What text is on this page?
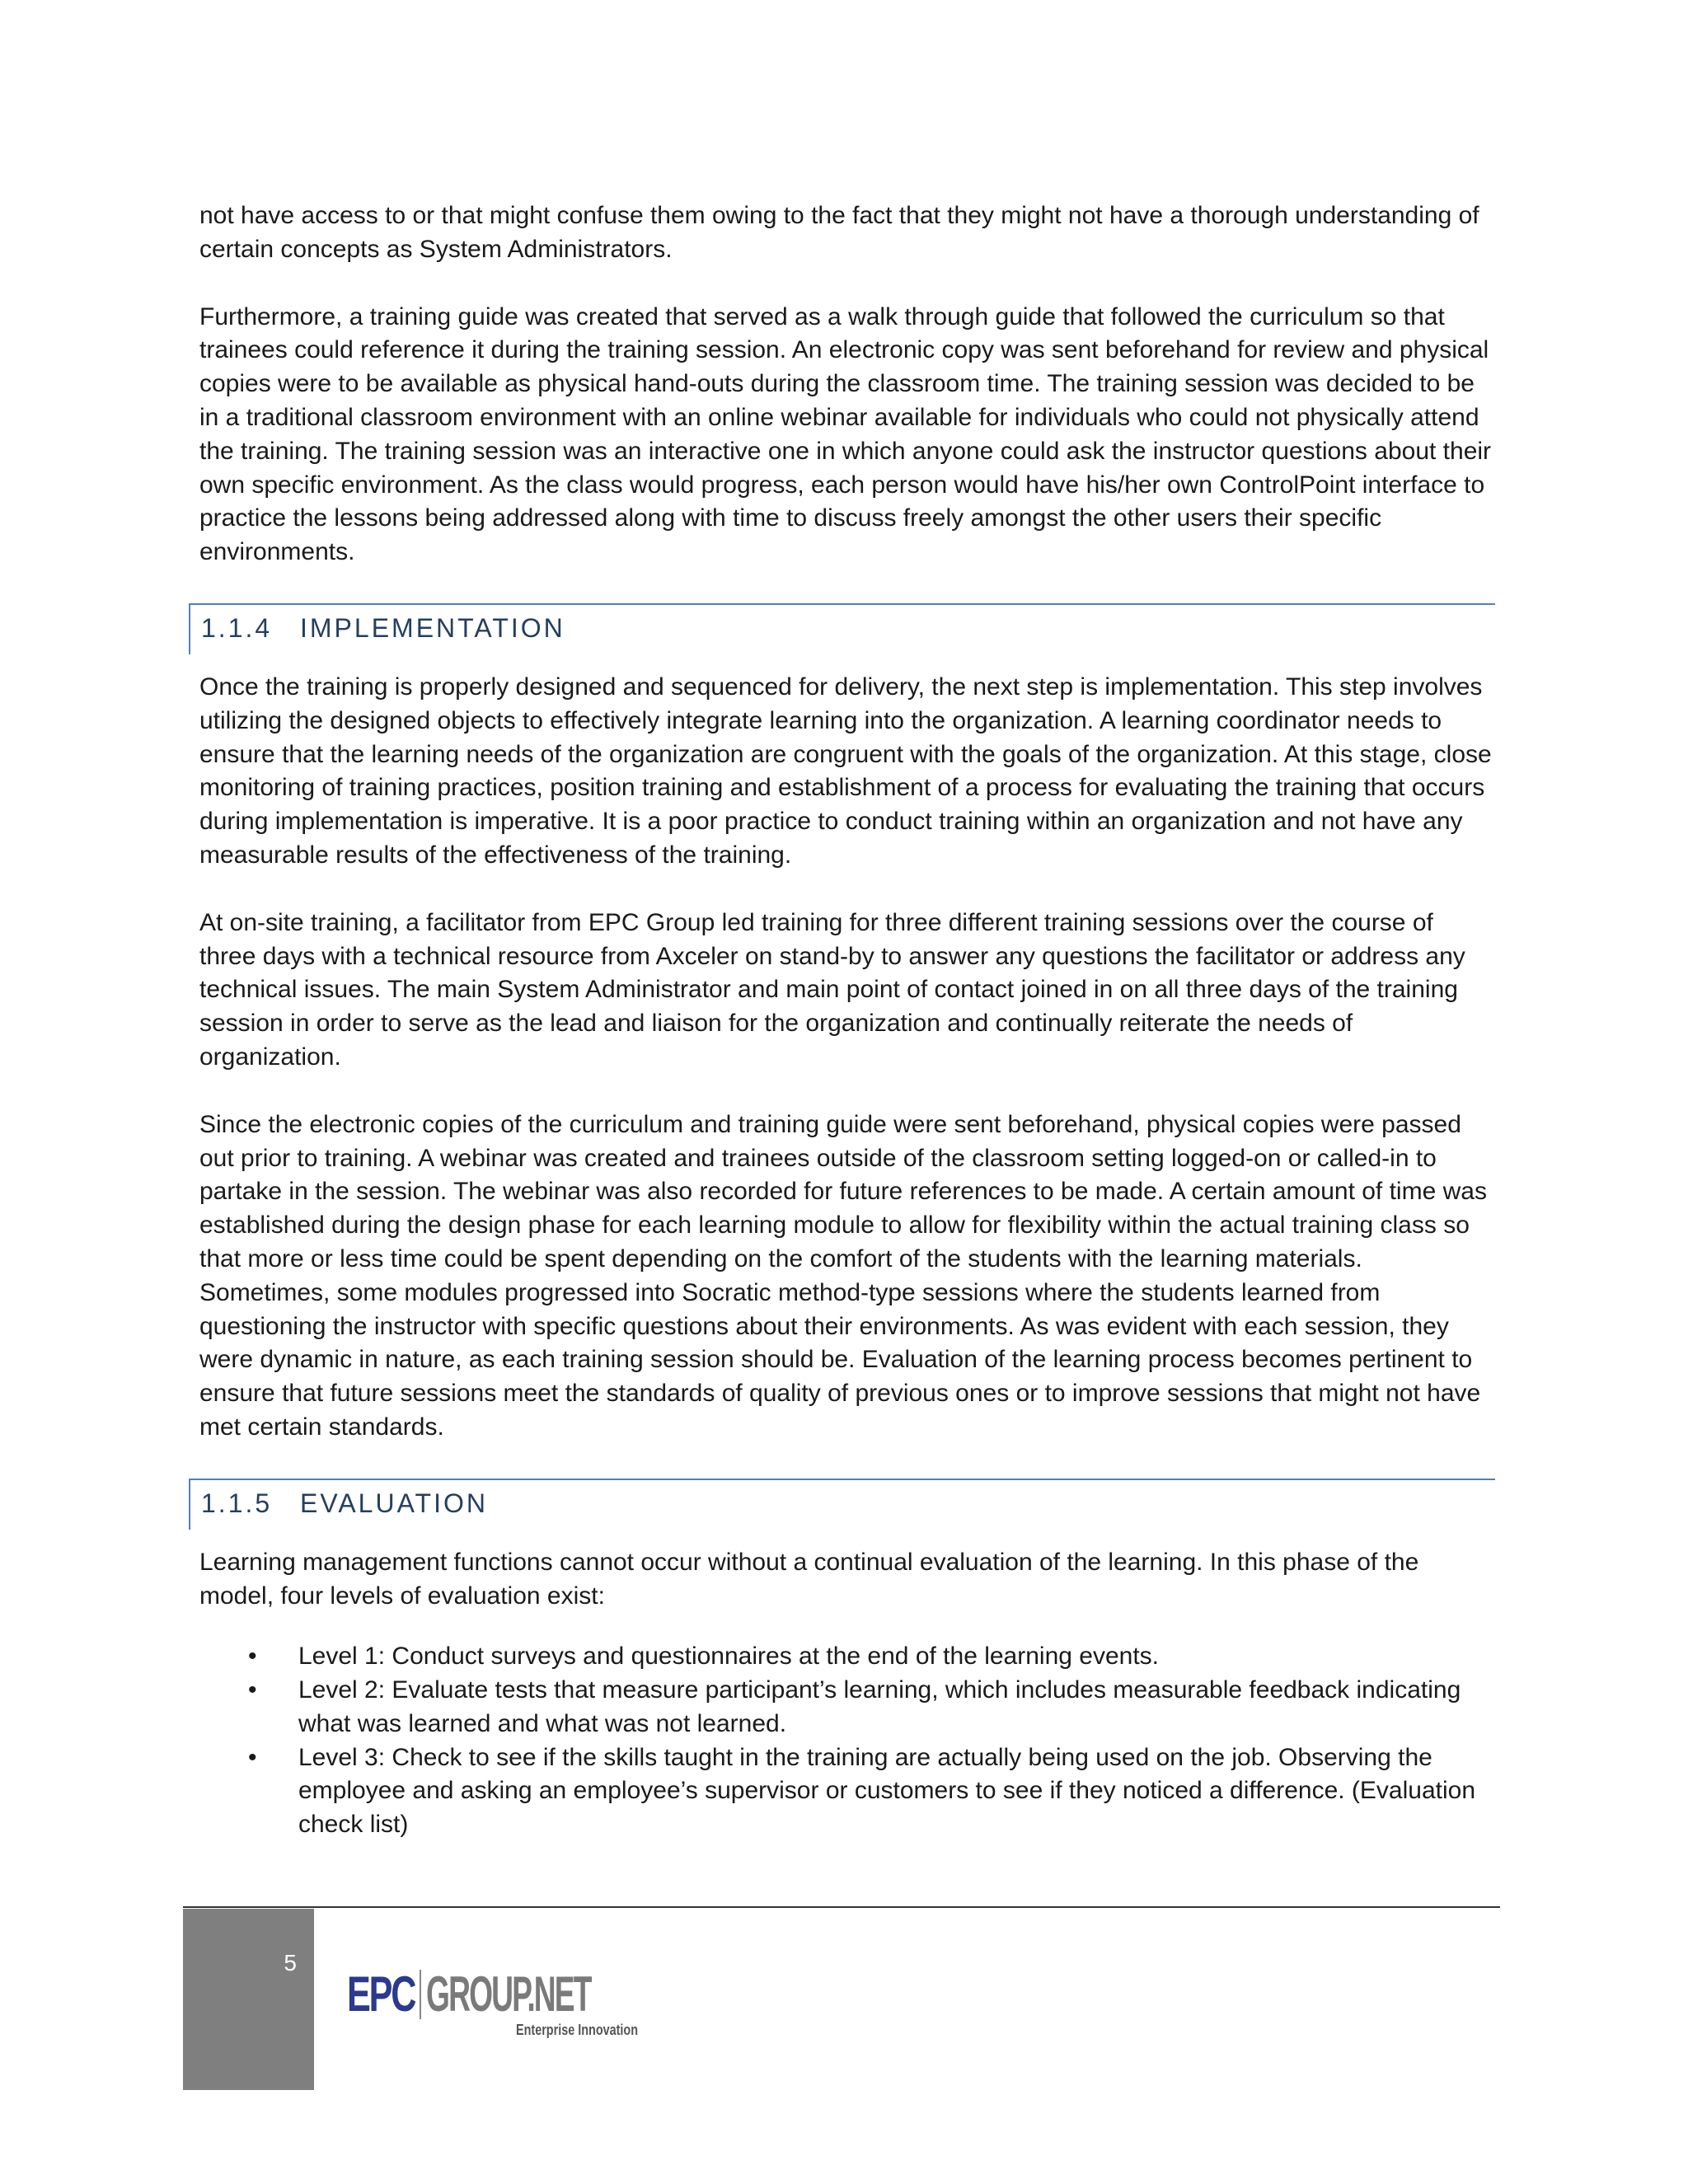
not have access to or that might confuse them owing to the fact that they might not have a thorough understanding of certain concepts as System Administrators.

Furthermore, a training guide was created that served as a walk through guide that followed the curriculum so that trainees could reference it during the training session. An electronic copy was sent beforehand for review and physical copies were to be available as physical hand-outs during the classroom time. The training session was decided to be in a traditional classroom environment with an online webinar available for individuals who could not physically attend the training. The training session was an interactive one in which anyone could ask the instructor questions about their own specific environment. As the class would progress, each person would have his/her own ControlPoint interface to practice the lessons being addressed along with time to discuss freely amongst the other users their specific environments.

1.1.4 IMPLEMENTATION

Once the training is properly designed and sequenced for delivery, the next step is implementation. This step involves utilizing the designed objects to effectively integrate learning into the organization. A learning coordinator needs to ensure that the learning needs of the organization are congruent with the goals of the organization. At this stage, close monitoring of training practices, position training and establishment of a process for evaluating the training that occurs during implementation is imperative. It is a poor practice to conduct training within an organization and not have any measurable results of the effectiveness of the training.

At on-site training, a facilitator from EPC Group led training for three different training sessions over the course of three days with a technical resource from Axceler on stand-by to answer any questions the facilitator or address any technical issues. The main System Administrator and main point of contact joined in on all three days of the training session in order to serve as the lead and liaison for the organization and continually reiterate the needs of organization.

Since the electronic copies of the curriculum and training guide were sent beforehand, physical copies were passed out prior to training. A webinar was created and trainees outside of the classroom setting logged-on or called-in to partake in the session. The webinar was also recorded for future references to be made. A certain amount of time was established during the design phase for each learning module to allow for flexibility within the actual training class so that more or less time could be spent depending on the comfort of the students with the learning materials. Sometimes, some modules progressed into Socratic method-type sessions where the students learned from questioning the instructor with specific questions about their environments. As was evident with each session, they were dynamic in nature, as each training session should be. Evaluation of the learning process becomes pertinent to ensure that future sessions meet the standards of quality of previous ones or to improve sessions that might not have met certain standards.

1.1.5 EVALUATION

Learning management functions cannot occur without a continual evaluation of the learning. In this phase of the model, four levels of evaluation exist:

• Level 1: Conduct surveys and questionnaires at the end of the learning events.
• Level 2: Evaluate tests that measure participant’s learning, which includes measurable feedback indicating what was learned and what was not learned.
• Level 3: Check to see if the skills taught in the training are actually being used on the job. Observing the employee and asking an employee’s supervisor or customers to see if they noticed a difference. (Evaluation check list)
5
EPC GROUP.NET
Enterprise Innovation
